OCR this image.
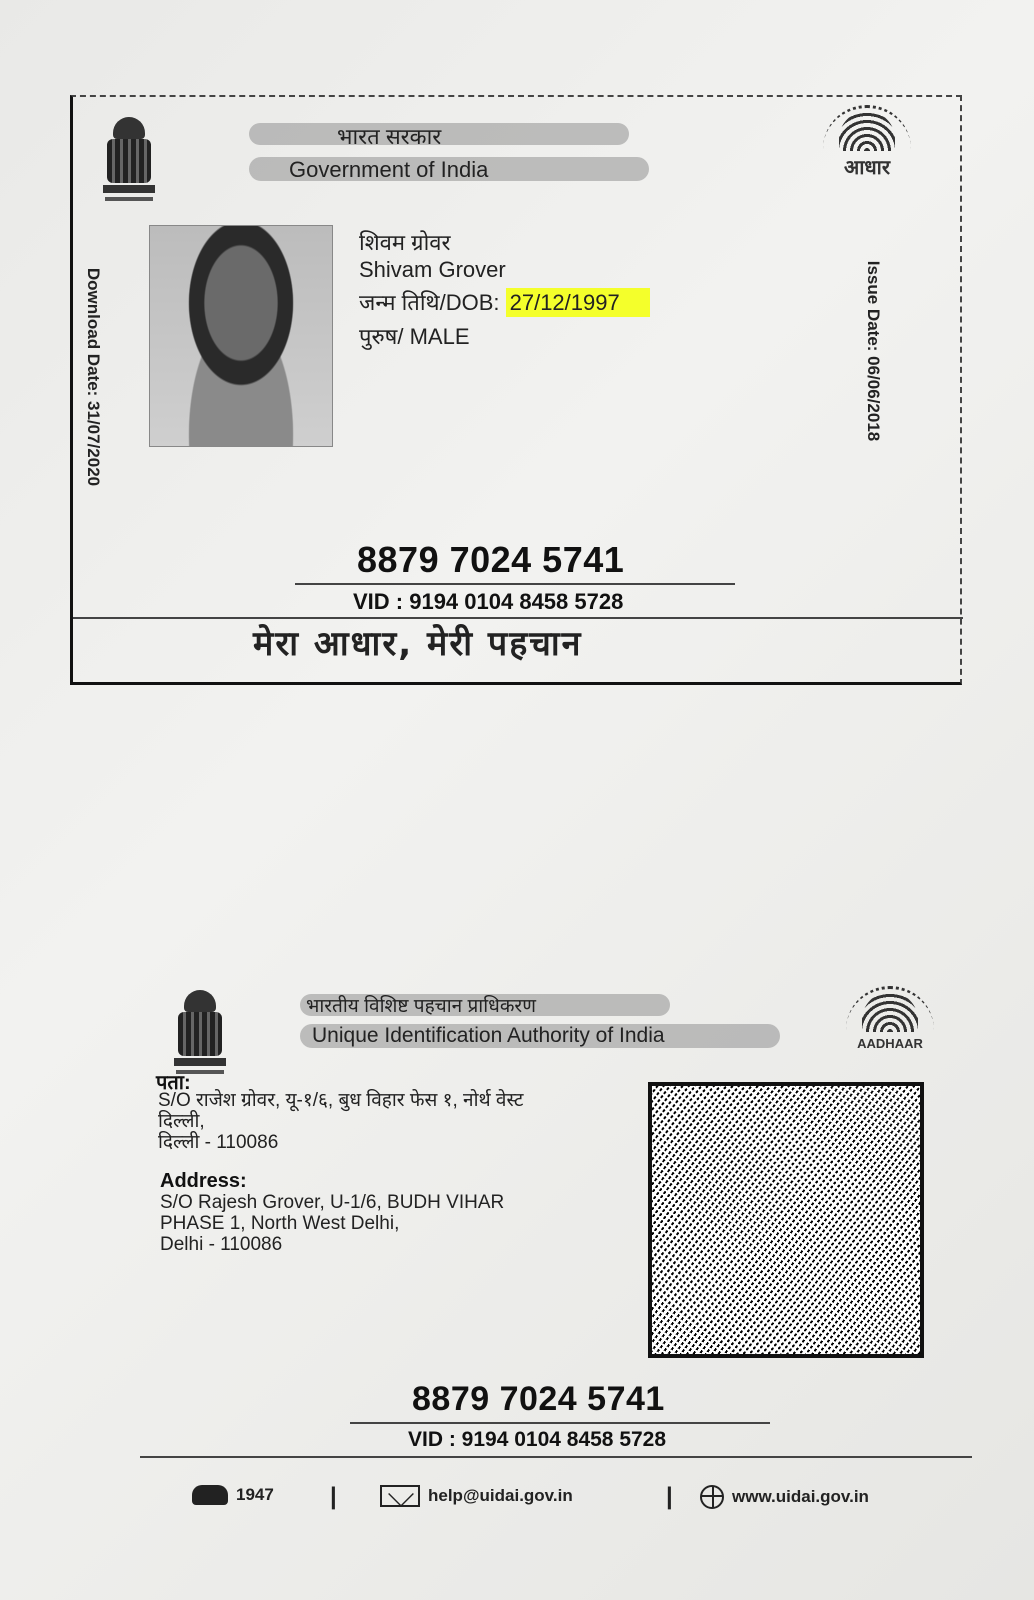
भारत सरकार
Government of India	आधार
Download Date: 31/07/2020	Issue Date: 06/06/2018
शिवम ग्रोवर
Shivam Grover
जन्म तिथि/DOB: 27/12/1997
पुरुष/ MALE
8879 7024 5741
VID : 9194 0104 8458 5728
मेरा आधार, मेरी पहचान
भारतीय विशिष्ट पहचान प्राधिकरण
Unique Identification Authority of India	AADHAAR
पता:
S/O राजेश ग्रोवर, यू-१/६, बुध विहार फेस १, नोर्थ वेस्ट
दिल्ली,
दिल्ली - 110086
Address:
S/O Rajesh Grover, U-1/6, BUDH VIHAR
PHASE 1, North West Delhi,
Delhi - 110086
8879 7024 5741
VID : 9194 0104 8458 5728
1947 |	help@uidai.gov.in	|	www.uidai.gov.in
